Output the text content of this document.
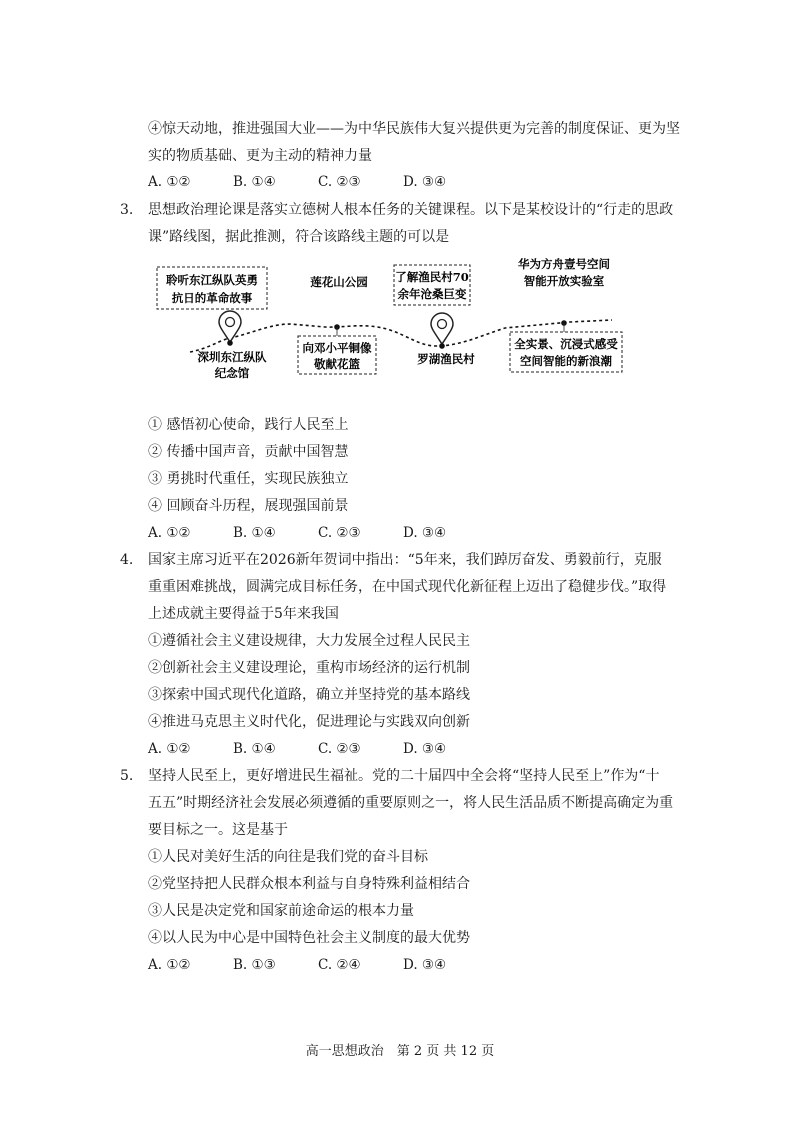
④惊天动地，推进强国大业——为中华民族伟大复兴提供更为完善的制度保证、更为坚
实的物质基础、更为主动的精神力量
A. ①②	B. ①④	C. ②③	D. ③④
3. 思想政治理论课是落实立德树人根本任务的关键课程。以下是某校设计的“行走的思政
课”路线图，据此推测，符合该路线主题的可以是
聆听东江纵队英勇
抗日的革命故事
深圳东江纵队
纪念馆
莲花山公园
向邓小平铜像
敬献花篮
了解渔民村70
余年沧桑巨变
罗湖渔民村
华为方舟壹号空间
智能开放实验室
全实景、沉浸式感受
空间智能的新浪潮
① 感悟初心使命，践行人民至上
② 传播中国声音，贡献中国智慧
③ 勇挑时代重任，实现民族独立
④ 回顾奋斗历程，展现强国前景
A. ①②	B. ①④	C. ②③	D. ③④
4. 国家主席习近平在2026新年贺词中指出：“5年来，我们踔厉奋发、勇毅前行，克服
重重困难挑战，圆满完成目标任务，在中国式现代化新征程上迈出了稳健步伐。”取得
上述成就主要得益于5年来我国
①遵循社会主义建设规律，大力发展全过程人民民主
②创新社会主义建设理论，重构市场经济的运行机制
③探索中国式现代化道路，确立并坚持党的基本路线
④推进马克思主义时代化，促进理论与实践双向创新
A. ①②	B. ①④	C. ②③	D. ③④
5. 坚持人民至上，更好增进民生福祉。党的二十届四中全会将“坚持人民至上”作为“十
五五”时期经济社会发展必须遵循的重要原则之一，将人民生活品质不断提高确定为重
要目标之一。这是基于
①人民对美好生活的向往是我们党的奋斗目标
②党坚持把人民群众根本利益与自身特殊利益相结合
③人民是决定党和国家前途命运的根本力量
④以人民为中心是中国特色社会主义制度的最大优势
A. ①②	B. ①③	C. ②④	D. ③④
高一思想政治　第 2 页 共 12 页
